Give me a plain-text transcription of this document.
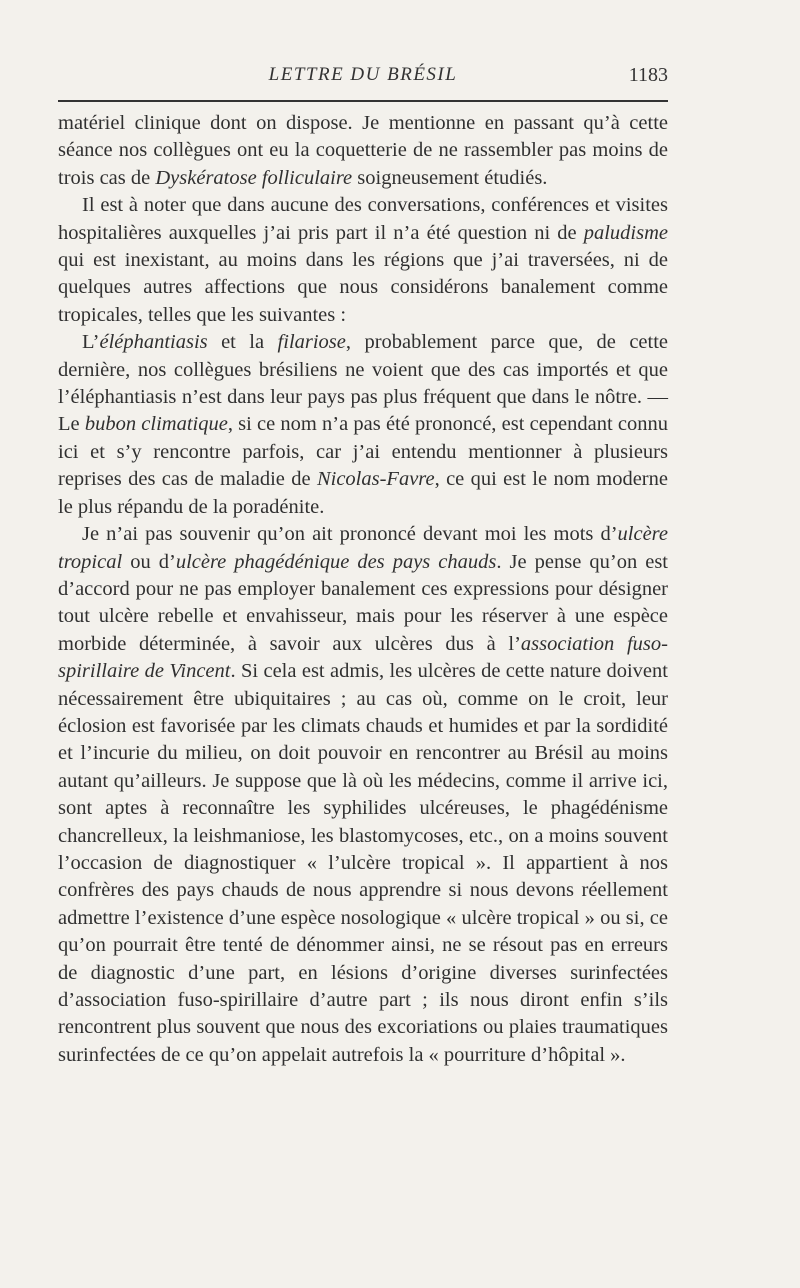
LETTRE DU BRÉSIL	1183

matériel clinique dont on dispose. Je mentionne en passant qu’à cette séance nos collègues ont eu la coquetterie de ne rassembler pas moins de trois cas de Dyskératose folliculaire soigneusement étudiés.

Il est à noter que dans aucune des conversations, conférences et visites hospitalières auxquelles j’ai pris part il n’a été question ni de paludisme qui est inexistant, au moins dans les régions que j’ai traversées, ni de quelques autres affections que nous considérons banalement comme tropicales, telles que les suivantes :

L’éléphantiasis et la filariose, probablement parce que, de cette dernière, nos collègues brésiliens ne voient que des cas importés et que l’éléphantiasis n’est dans leur pays pas plus fréquent que dans le nôtre. — Le bubon climatique, si ce nom n’a pas été prononcé, est cependant connu ici et s’y rencontre parfois, car j’ai entendu mentionner à plusieurs reprises des cas de maladie de Nicolas-Favre, ce qui est le nom moderne le plus répandu de la poradénite.

Je n’ai pas souvenir qu’on ait prononcé devant moi les mots d’ulcère tropical ou d’ulcère phagédénique des pays chauds. Je pense qu’on est d’accord pour ne pas employer banalement ces expressions pour désigner tout ulcère rebelle et envahisseur, mais pour les réserver à une espèce morbide déterminée, à savoir aux ulcères dus à l’association fuso-spirillaire de Vincent. Si cela est admis, les ulcères de cette nature doivent nécessairement être ubiquitaires ; au cas où, comme on le croit, leur éclosion est favorisée par les climats chauds et humides et par la sordidité et l’incurie du milieu, on doit pouvoir en rencontrer au Brésil au moins autant qu’ailleurs. Je suppose que là où les médecins, comme il arrive ici, sont aptes à reconnaître les syphilides ulcéreuses, le phagédénisme chancrelleux, la leishmaniose, les blastomycoses, etc., on a moins souvent l’occasion de diagnostiquer « l’ulcère tropical ». Il appartient à nos confrères des pays chauds de nous apprendre si nous devons réellement admettre l’existence d’une espèce nosologique « ulcère tropical » ou si, ce qu’on pourrait être tenté de dénommer ainsi, ne se résout pas en erreurs de diagnostic d’une part, en lésions d’origine diverses surinfectées d’association fuso-spirillaire d’autre part ; ils nous diront enfin s’ils rencontrent plus souvent que nous des excoriations ou plaies traumatiques surinfectées de ce qu’on appelait autrefois la « pourriture d’hôpital ».
